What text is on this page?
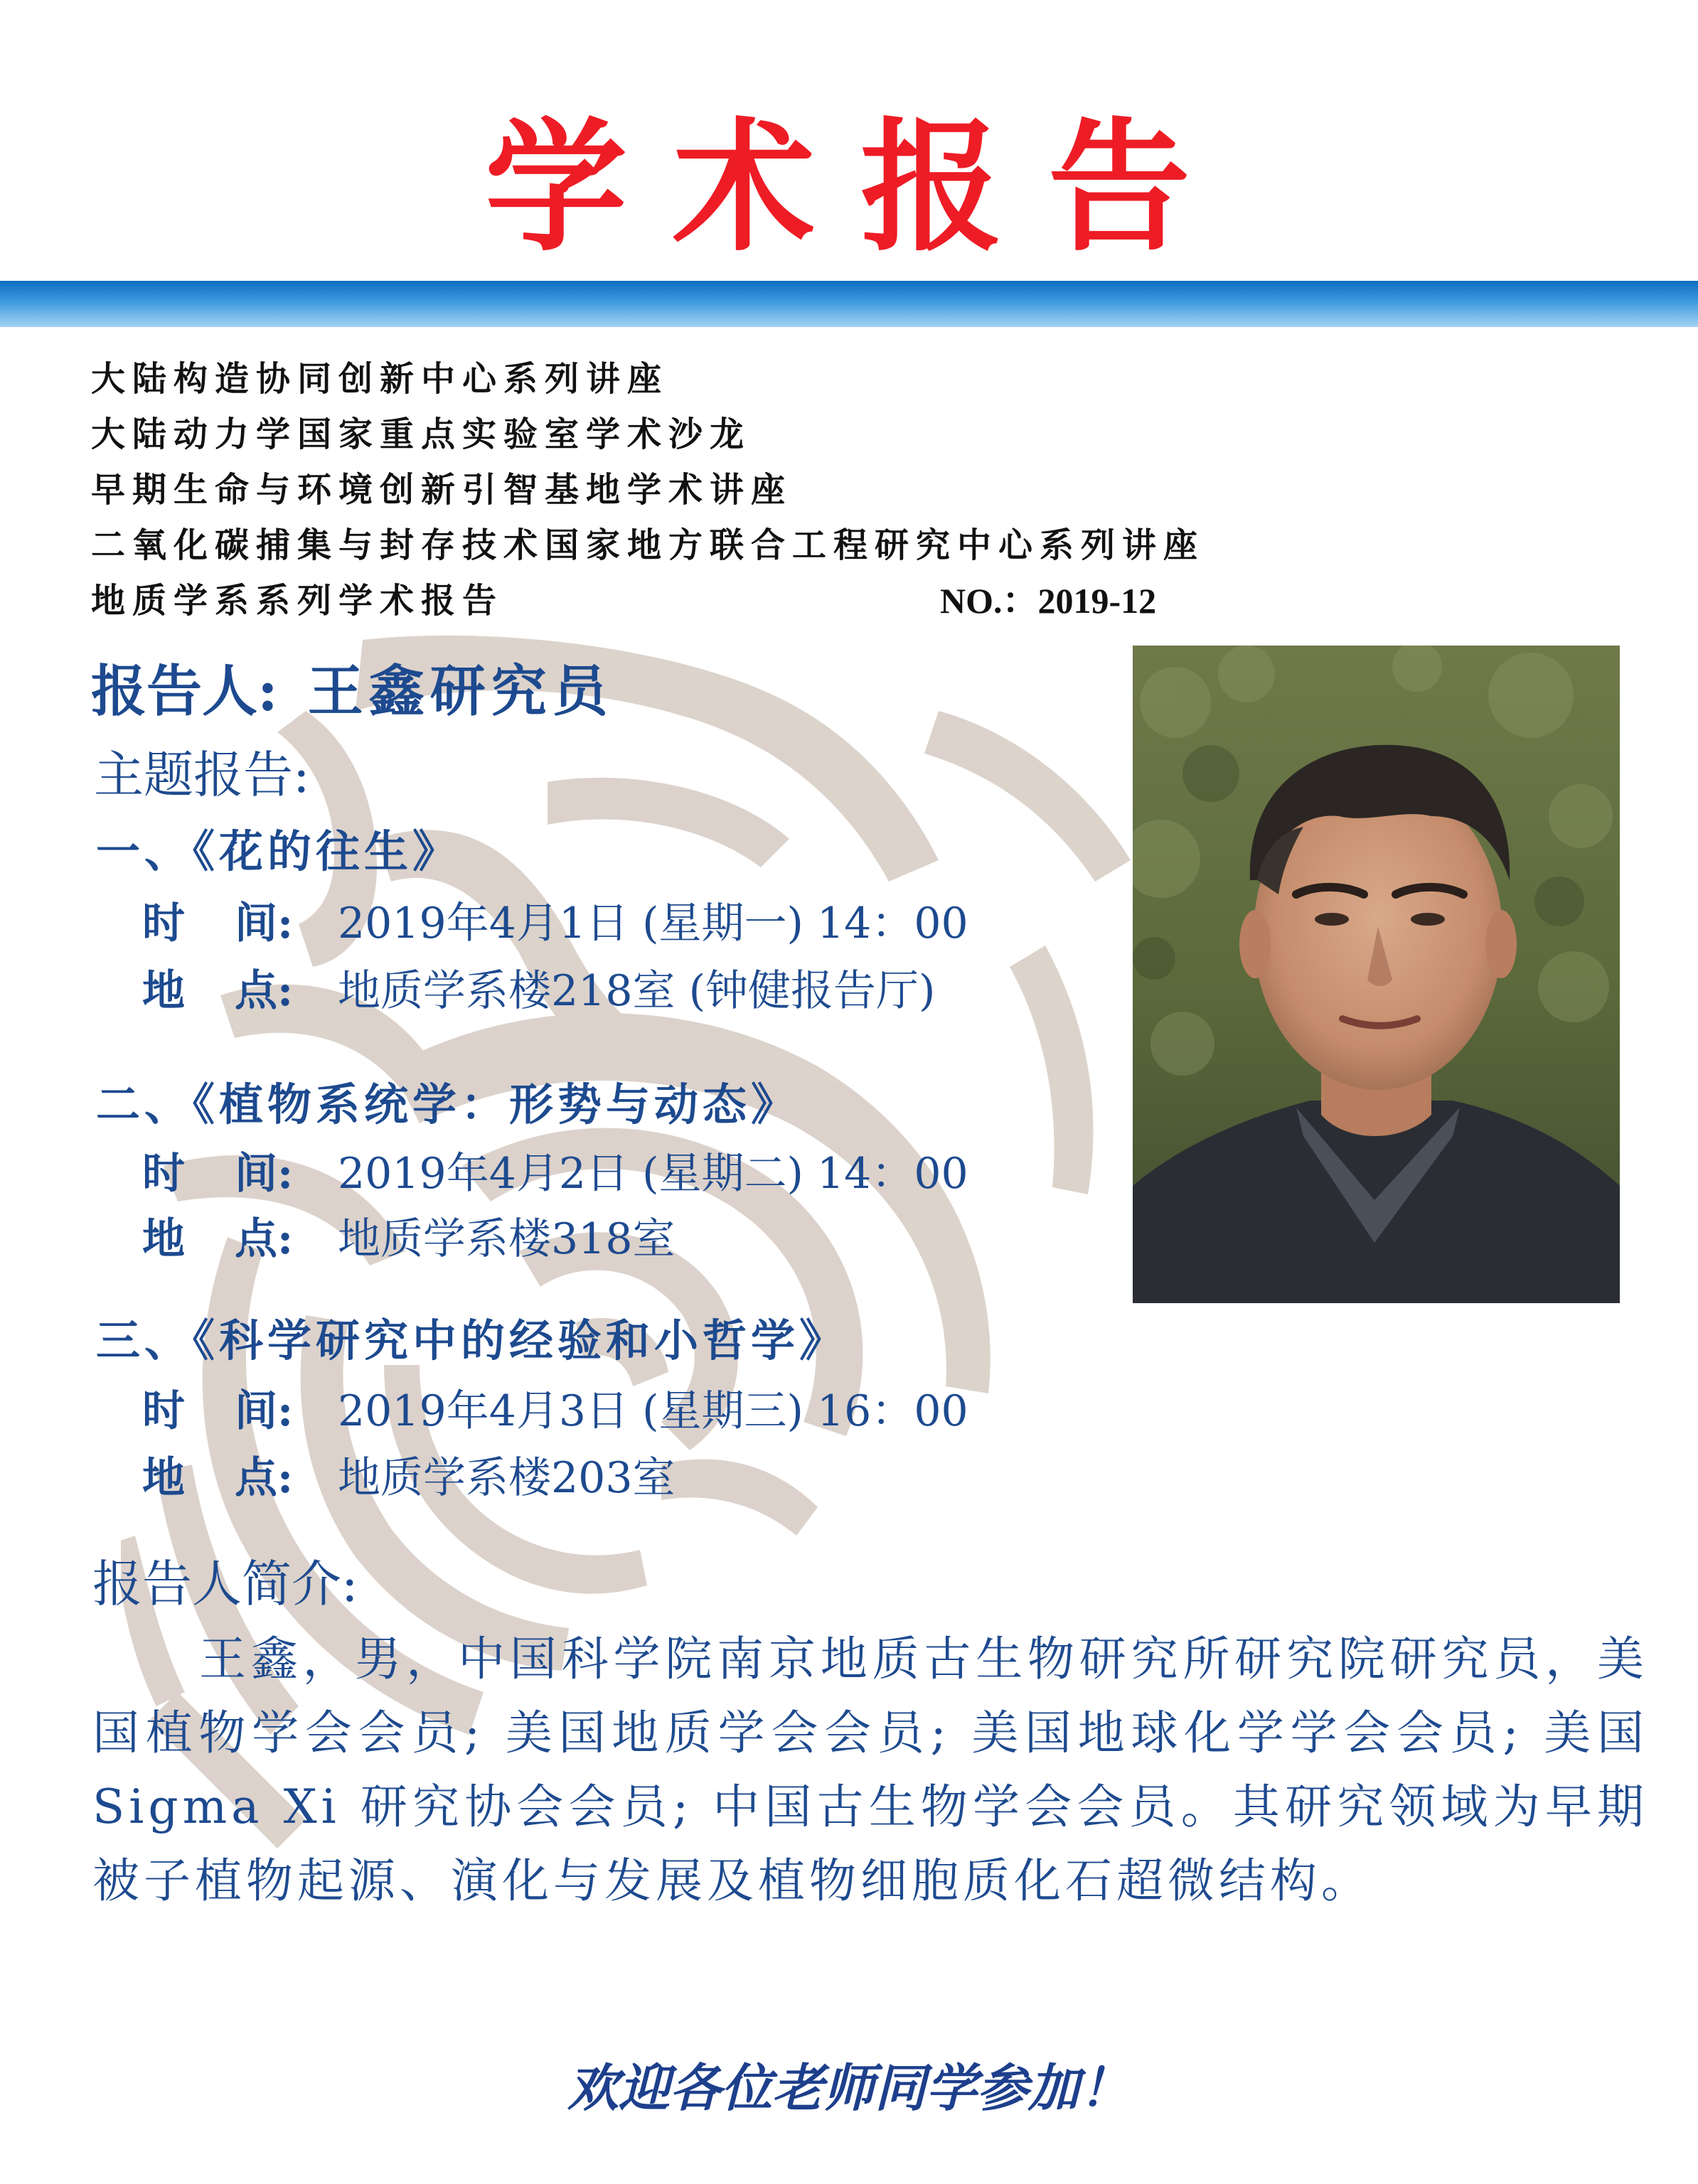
学术报告
大陆构造协同创新中心系列讲座
大陆动力学国家重点实验室学术沙龙
早期生命与环境创新引智基地学术讲座
二氧化碳捕集与封存技术国家地方联合工程研究中心系列讲座
地质学系系列学术报告	NO.：2019-12
报告人: 王鑫研究员
主题报告:
一、《花的往生》
时 间: 2019年4月1日 (星期一) 14：00
地 点: 地质学系楼218室 (钟健报告厅)
二、《植物系统学：形势与动态》
时 间: 2019年4月2日 (星期二) 14：00
地 点: 地质学系楼318室
三、《科学研究中的经验和小哲学》
时 间: 2019年4月3日 (星期三) 16：00
地 点: 地质学系楼203室
报告人简介:
王鑫，男，中国科学院南京地质古生物研究所研究院研究员，美国植物学会会员; 美国地质学会会员; 美国地球化学学会会员; 美国Sigma Xi 研究协会会员; 中国古生物学会会员。其研究领域为早期被子植物起源、演化与发展及植物细胞质化石超微结构。
欢迎各位老师同学参加！
